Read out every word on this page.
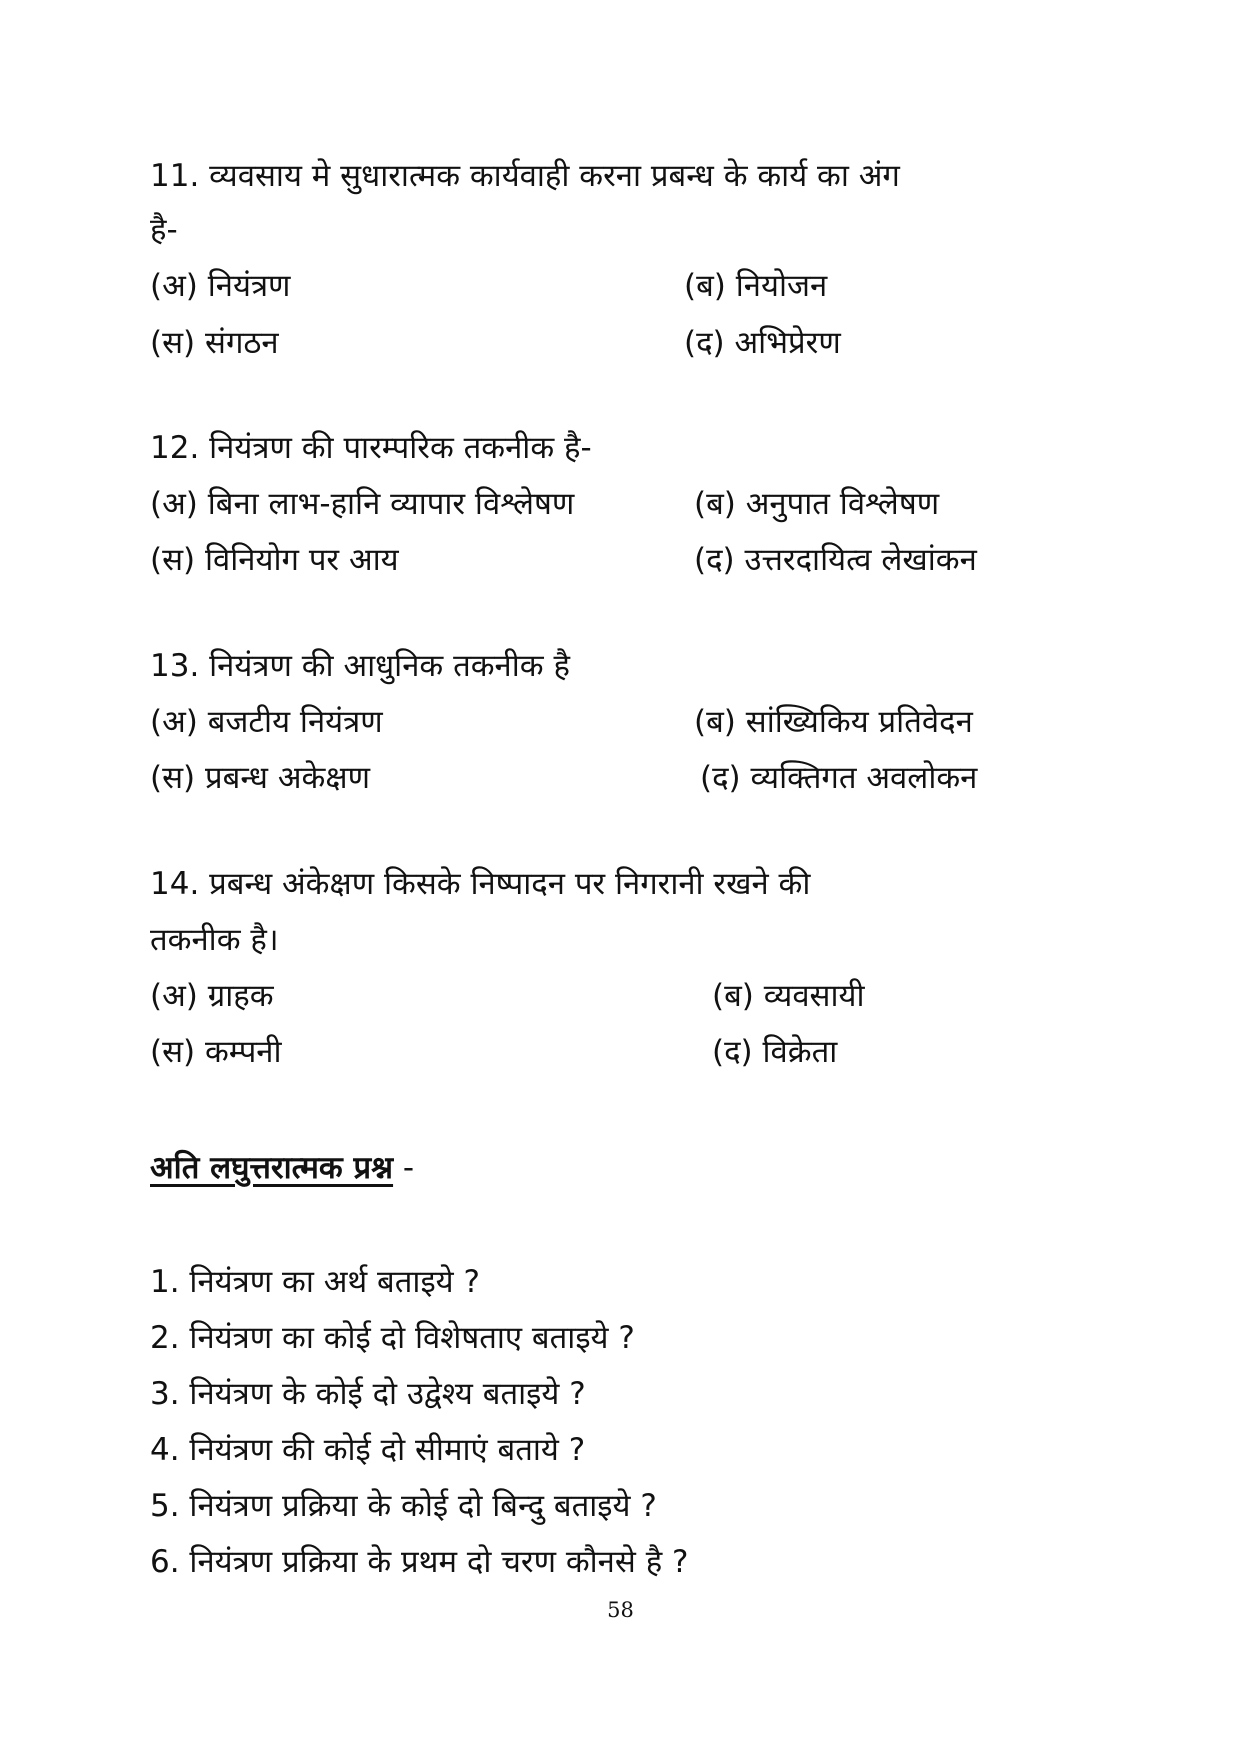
11. व्यवसाय मे सुधारात्मक कार्यवाही करना प्रबन्ध के कार्य का अंग
है-
(अ) नियंत्रण	(ब) नियोजन
(स) संगठन	(द) अभिप्रेरण
12. नियंत्रण की पारम्परिक तकनीक है-
(अ) बिना लाभ-हानि व्यापार विश्लेषण	(ब) अनुपात विश्लेषण
(स) विनियोग पर आय	(द) उत्तरदायित्व लेखांकन
13. नियंत्रण की आधुनिक तकनीक है
(अ) बजटीय नियंत्रण	(ब) सांख्यिकिय प्रतिवेदन
(स) प्रबन्ध अकेक्षण	(द) व्यक्तिगत अवलोकन
14. प्रबन्ध अंकेक्षण किसके निष्पादन पर निगरानी रखने की
तकनीक है।
(अ) ग्राहक	(ब) व्यवसायी
(स) कम्पनी	(द) विक्रेता
अति लघुत्तरात्मक प्रश्न -
1. नियंत्रण का अर्थ बताइये ?
2. नियंत्रण का कोई दो विशेषताए बताइये ?
3. नियंत्रण के कोई दो उद्वेश्य बताइये ?
4. नियंत्रण की कोई दो सीमाएं बताये ?
5. नियंत्रण प्रक्रिया के कोई दो बिन्दु बताइये ?
6. नियंत्रण प्रक्रिया के प्रथम दो चरण कौनसे है ?
58
